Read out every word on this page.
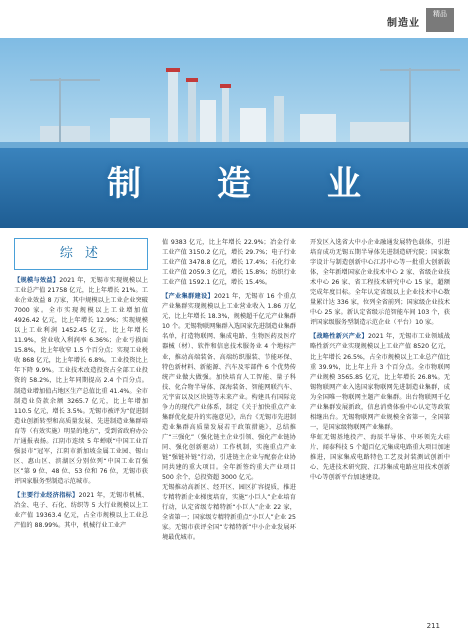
制造业
精品
制 造 业
综 述

【规模与效益】2021 年，无锡市实现规模以上工业总产值 21758 亿元，比上年增长 21%。工业企业效益 8 万家，其中规模以上工业企业突破 7000 家。全市实现规模以上工业增加值 4926.42 亿元，比上年增长 12.9%；实现规模以上工业利润 1452.45 亿元，比上年增长 11.9%，营业收入利润率 6.36%；企业亏损面 15.8%，比上年收窄 1.5 个百分点；实现工业税收 868 亿元，比上年增长 6.8%。工业投资比上年下降 9.9%。工业技术改造投资占全部工业投资的 58.2%，比上年同期提高 2.4 个百分点。制造业增加值占地区生产总值比重 41.4%。全市制造业贷款余额 3265.7 亿元，比上年增加 110.5 亿元，增长 3.5%。无锡市被评为“促进制造业创新转型和高质量发展、先进制造业集群培育等（有效实施）明显的地方”，受到省政府办公厅通报表扬。江阴市连续 5 年蝉联“中国工业百强县市”冠军，江阴市新加坡金属工业园、锡山区、惠山区、滨湖区分别位列“中国工业百强区”第 9 位、48 位、53 位和 76 位，无锡市获评国家服务型制造示范城市。

【主要行业经济指标】2021 年，无锡市机械、冶金、电子、石化、纺织等 5 大行业规模以上工业产值 19363.4 亿元，占全市规模以上工业总产值的 88.99%。其中，机械行业工业产

值 9383 亿元，比上年增长 22.9%；冶金行业工业产值 3150.2 亿元，增长 29.7%；电子行业工业产值 3478.8 亿元，增长 17.4%；石化行业工业产值 2059.3 亿元，增长 15.8%；纺织行业工业产值 1592.1 亿元，增长 15.4%。

【产业集群建设】2021 年，无锡市 16 个重点产业集群实现规模以上工业营业收入 1.86 万亿元，比上年增长 18.3%，规模超千亿元产业集群 10 个。无锡物联网集群入选国家先进制造业集群名单，打造物联网、集成电路、生物医药及医疗器械（材）、软件和信息技术服务业 4 个地标产业，推动高端装备、高端纺织服装、节能环保、特色新材料、新能源、汽车及零部件 6 个优势传统产业做大做强。加快培育人工智能、量子科技、化合物半导体、深海装备、智能网联汽车、元宇宙以及区块链等未来产业。构建具有国际竞争力的现代产业体系，制定《关于加快重点产业集群优化提升的实施意见》，出台《无锡市先进制造业集群高质量发展若干政策措施》，总结推广“三强化”（强化链主企业引领、强化产业链协同、强化创新驱动）工作机制，实施重点产业链“强链补链”行动，引进链主企业与配套企业协同共建的重大项目。全年新签约重大产业项目 500 余个，总投资超 3000 亿元。

无锡推动高新区、经开区、园区扩容提质，推进专精特新企业梯度培育，实施“小巨人”企业培育行动，认定省级专精特新“小巨人”企业 22 家，全省第一；国家级专精特新重点“小巨人”企业 25 家。无锡市获评全国“专精特新”中小企业发展环境最优城市。

开发区入选省大中小企业融通发展特色载体，引进培育成功无锡五期半导体先进制造研究院；国家数字设计与制造创新中心江苏中心等一批重大创新载体，全年新增国家企业技术中心 2 家、省级企业技术中心 26 家、省工程技术研究中心 15 家，超额完成年度目标。全年认定省级以上企业技术中心数量累计达 336 家，位列全省前列；国家级企业技术中心 25 家。新认定省级示范智能车间 103 个，获评国家级服务型制造示范企业（平台）10 家。

【战略性新兴产业】2021 年，无锡市工业领域战略性新兴产业实现规模以上工业产值 8520 亿元，比上年增长 26.5%，占全市规模以上工业总产值比重 39.9%，比上年上升 3 个百分点。全市物联网产业规模 3565.85 亿元，比上年增长 26.8%。无锡物联网产业入选国家物联网先进制造业集群，成为全国唯一物联网主题产业集群。出台物联网千亿产业集群发展新政，信息消费体验中心认定等政策相继出台。无锡物联网产业规模全省第一，全国第一，是国家级物联网产业集群。

华虹无锡基地投产、海辰半导体、中环领先大硅片、闻泰科技 5 个超百亿元集成电路重大项目加速推进，国家集成电路特色工艺及封装测试创新中心、先进技术研究院、江苏集成电路应用技术创新中心等创新平台加速建设。

211
